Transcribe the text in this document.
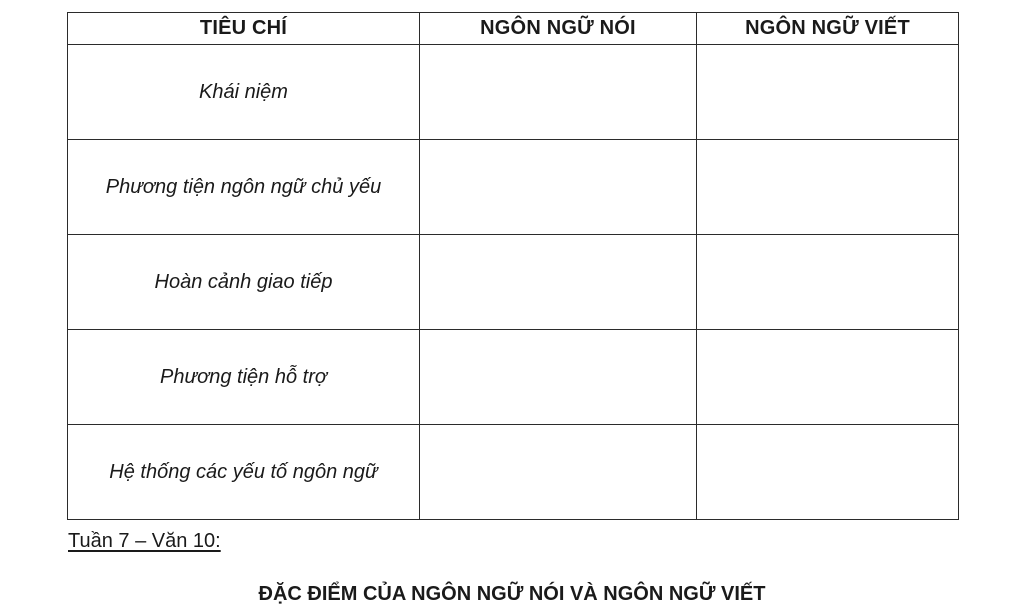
TIÊU CHÍ	NGÔN NGỮ NÓI	NGÔN NGỮ VIẾT
Khái niệm		
Phương tiện ngôn ngữ chủ yếu		
Hoàn cảnh giao tiếp		
Phương tiện hỗ trợ		
Hệ thống các yếu tố ngôn ngữ		
Tuần 7 – Văn 10:
ĐẶC ĐIỂM CỦA NGÔN NGỮ NÓI VÀ NGÔN NGỮ VIẾT
